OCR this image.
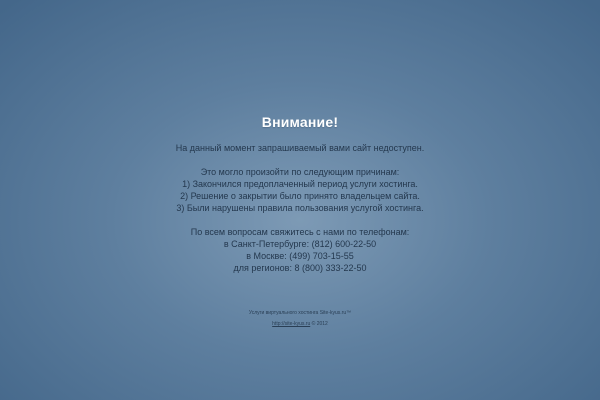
Внимание!
На данный момент запрашиваемый вами сайт недоступен.
Это могло произойти по следующим причинам:
1) Закончился предоплаченный период услуги хостинга.
2) Решение о закрытии было принято владельцем сайта.
3) Были нарушены правила пользования услугой хостинга.
По всем вопросам свяжитесь с нами по телефонам:
в Санкт-Петербурге: (812) 600-22-50
в Москве: (499) 703-15-55
для регионов: 8 (800) 333-22-50
Услуги виртуального хостинга Site-kyus.ru™
http://site-kyus.ru © 2012
